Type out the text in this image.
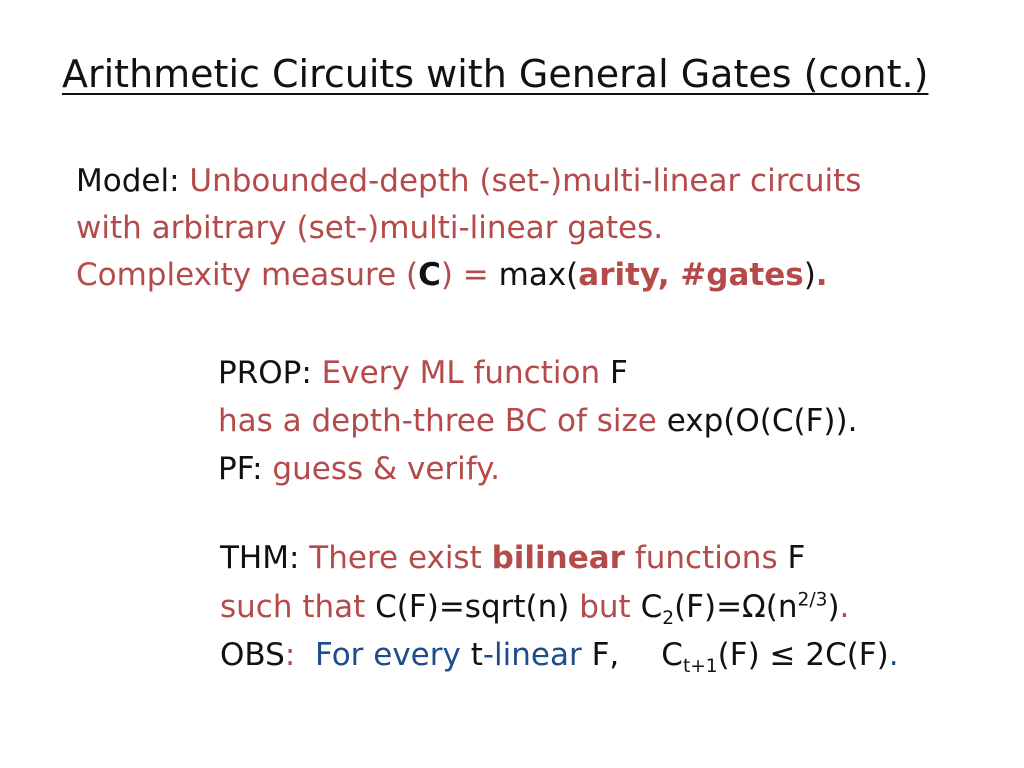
Arithmetic Circuits with General Gates (cont.)
Model: Unbounded-depth (set-)multi-linear circuits
with arbitrary (set-)multi-linear gates.
Complexity measure (C) = max(arity, #gates).
PROP: Every ML function F
has a depth-three BC of size exp(O(C(F)).
PF: guess & verify.
THM: There exist bilinear functions F
such that C(F)=sqrt(n) but $C_2(F)=\Omega(n^{2/3})$.
OBS:  For every t-linear F, $C_{t+1}(F) \le 2C(F)$.
